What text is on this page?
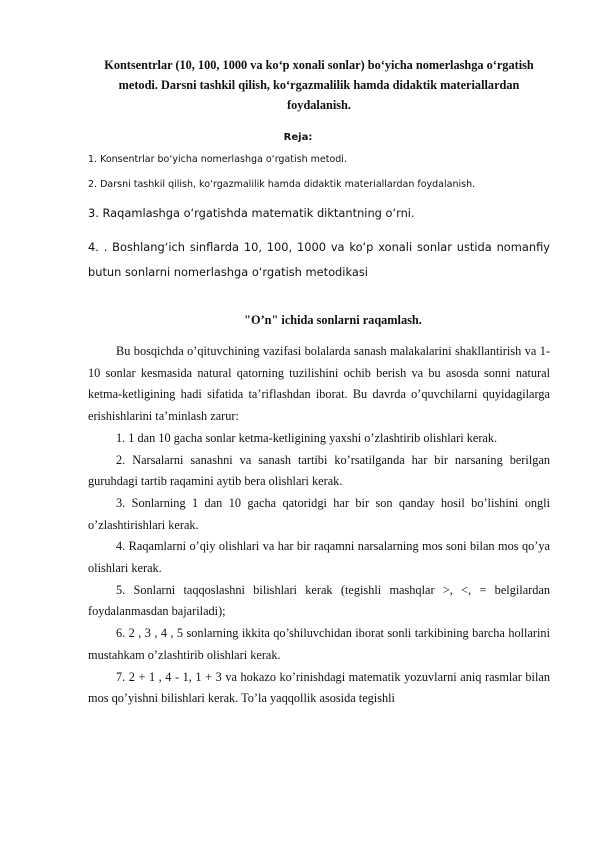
Kontsentrlar (10, 100, 1000 va ko‘p xonali sonlar) bo‘yicha nomerlashga o‘rgatish metodi. Darsni tashkil qilish, ko‘rgazmalilik hamda didaktik materiallardan foydalanish.
Reja:
1. Konsentrlar bo‘yicha nomerlashga o‘rgatish metodi.
2. Darsni tashkil qilish, ko‘rgazmalilik hamda didaktik materiallardan foydalanish.
3. Raqamlashga o‘rgatishda matematik diktantning o‘rni.
4. . Boshlang‘ich sinflarda 10, 100, 1000 va ko‘p xonali sonlar ustida nomanfiy butun sonlarni nomerlashga o‘rgatish metodikasi
"O’n" ichida sonlarni raqamlash.

Bu bosqichda o’qituvchining vazifasi bolalarda sanash malakalarini shakllantirish va 1-10 sonlar kesmasida natural qatorning tuzilishini ochib berish va bu asosda sonni natural ketma-ketligining hadi sifatida ta’riflashdan iborat. Bu davrda o’quvchilarni quyidagilarga erishishlarini ta’minlash zarur:

1. 1 dan 10 gacha sonlar ketma-ketligining yaxshi o’zlashtirib olishlari kerak.

2. Narsalarni sanashni va sanash tartibi ko’rsatilganda har bir narsaning berilgan guruhdagi tartib raqamini aytib bera olishlari kerak.

3. Sonlarning 1 dan 10 gacha qatoridgi har bir son qanday hosil bo’lishini ongli o’zlashtirishlari kerak.

4. Raqamlarni o’qiy olishlari va har bir raqamni narsalarning mos soni bilan mos qo’ya olishlari kerak.

5. Sonlarni taqqoslashni bilishlari kerak (tegishli mashqlar >, <, = belgilardan foydalanmasdan bajariladi);

6. 2 , 3 , 4 , 5 sonlarning ikkita qo’shiluvchidan iborat sonli tarkibining barcha hollarini mustahkam o’zlashtirib olishlari kerak.

7. 2 + 1 , 4 - 1, 1 + 3 va hokazo ko’rinishdagi matematik yozuvlarni aniq rasmlar bilan mos qo’yishni bilishlari kerak. To’la yaqqollik asosida tegishli
